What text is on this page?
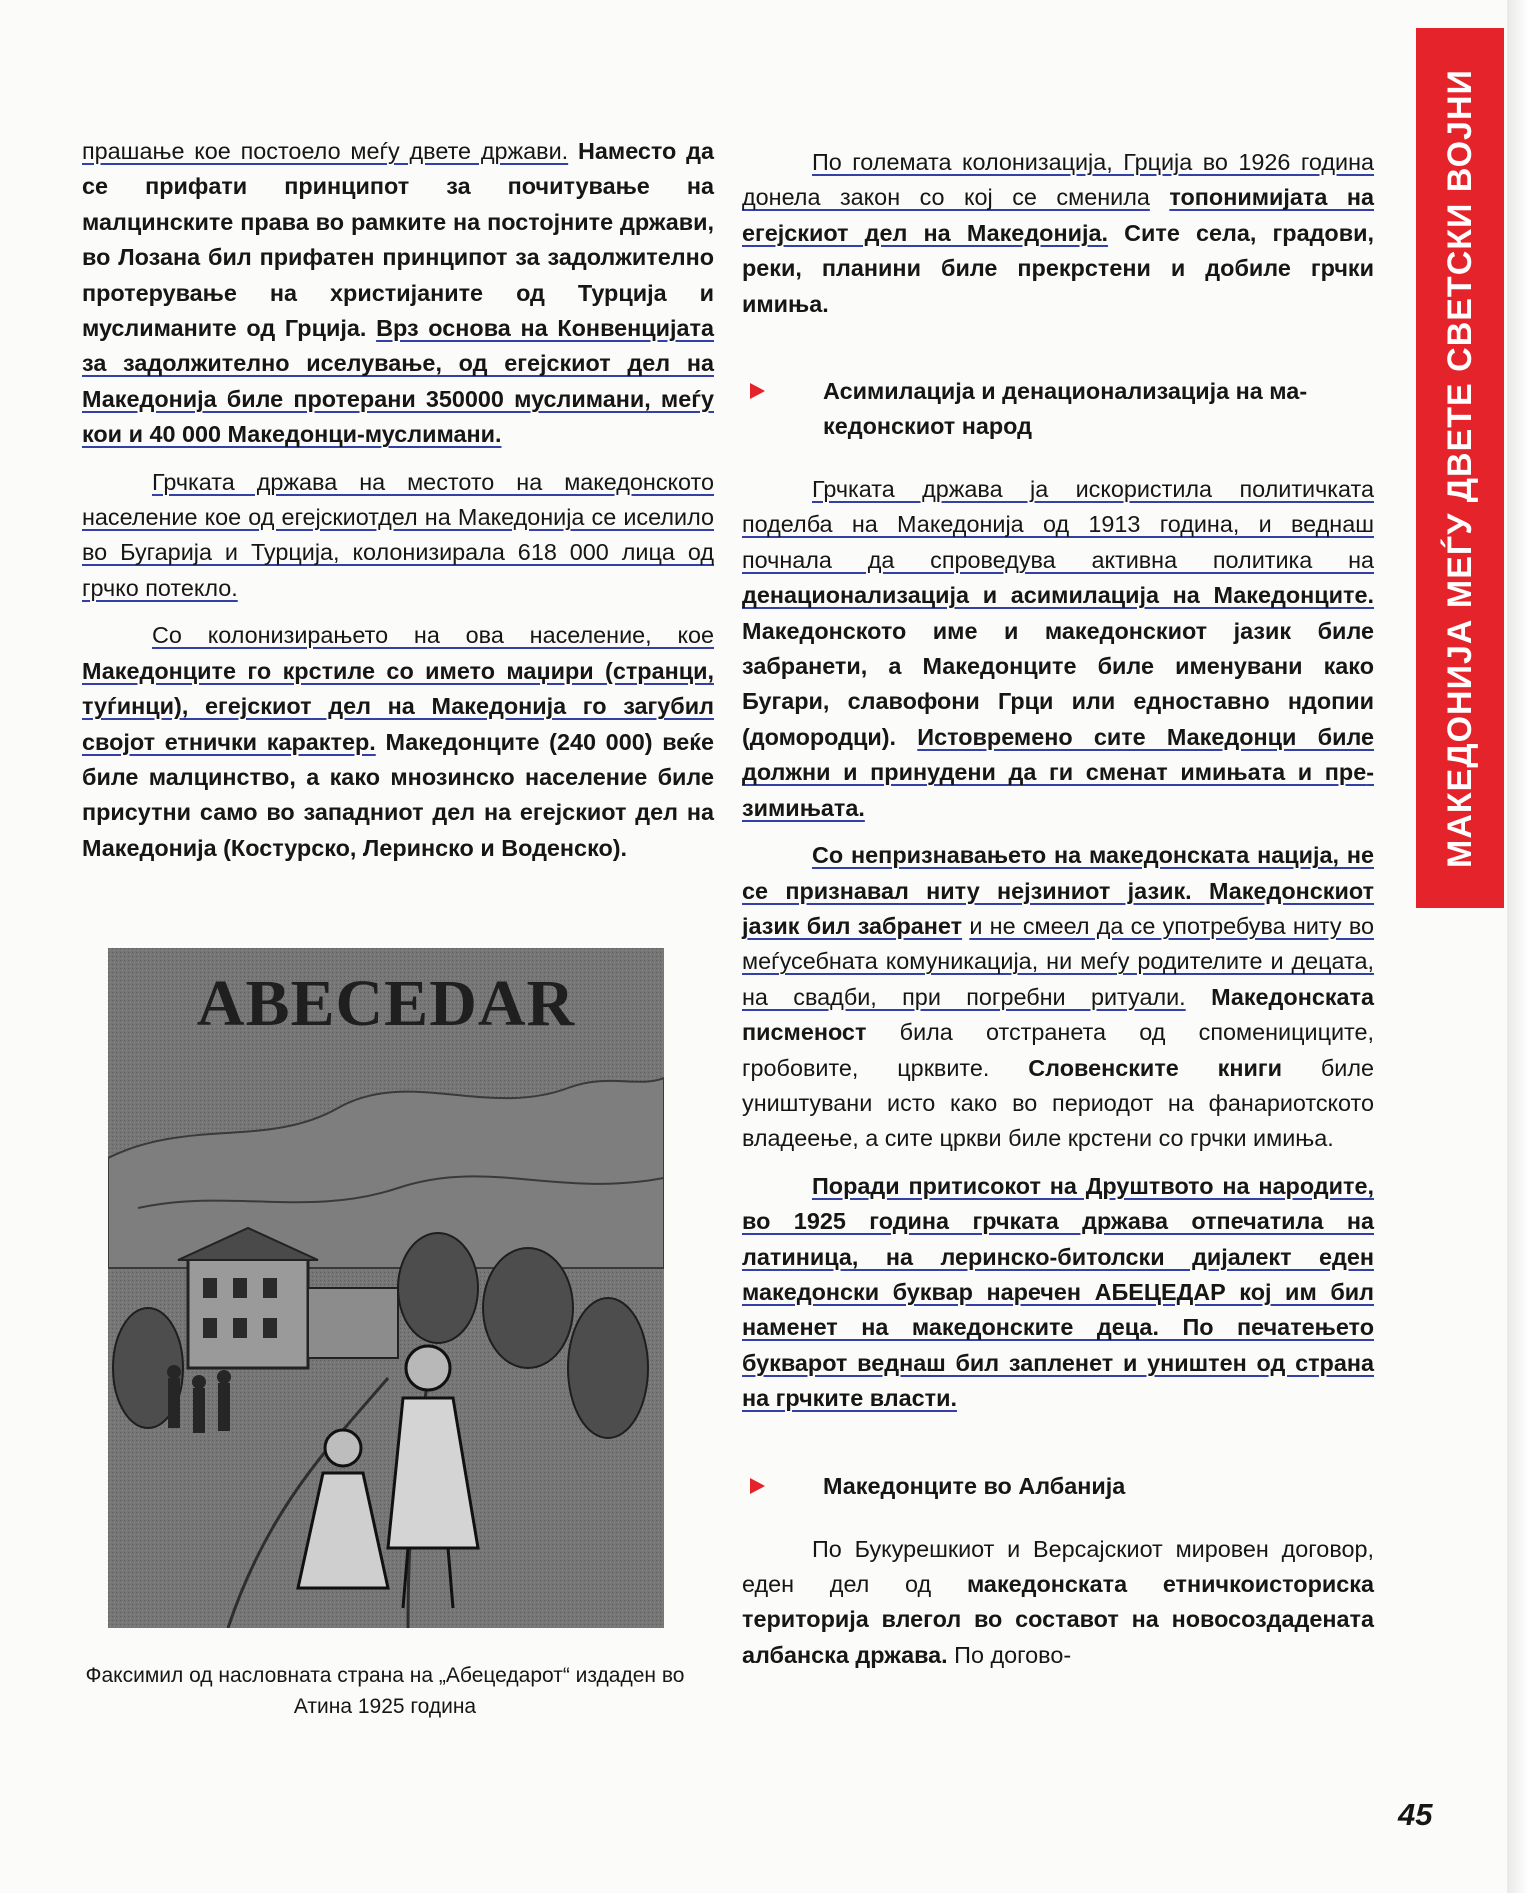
МАКЕДОНИЈА МЕЃУ ДВЕТЕ СВЕТСКИ ВОЈНИ

прашање кое постоело меѓу двете држави. Наместо да се прифати принципот за почитување на малцинските права во рамките на постојните држави, во Лозана бил прифатен принципот за задолжително протерување на христијаните од Турција и муслиманите од Грција. Врз основа на Конвенцијата за задолжително иселување, од егејскиот дел на Македонија биле протерани 350000 муслимани, меѓу кои и 40 000 Македонци-муслимани.

Грчката држава на местото на македонското население кое од егејскиотдел на Македонија се иселило во Бугарија и Турција, колонизирала 618 000 лица од грчко потекло.

Со колонизирањето на ова население, кое Македонците го крстиле со името маџири (странци, туѓинци), егејскиот дел на Македонија го загубил својот етнички карактер. Македонците (240 000) веќе биле малцинство, а како мнозинско население биле присутни само во западниот дел на егејскиот дел на Македонија (Костурско, Леринско и Воденско).

ABECEDAR
Факсимил од насловната страна на „Абецедарот“ издаден во Атина 1925 година

По големата колонизација, Грција во 1926 година донела закон со кој се сменила топонимијата на егејскиот дел на Македонија. Сите села, градови, реки, планини биле прекрстени и добиле грчки имиња.

Асимилација и денационализација на македонскиот народ

Грчката држава ја искористила политичката поделба на Македонија од 1913 година, и веднаш почнала да спроведува активна политика на денационализација и асимилација на Македонците. Македонското име и македонскиот јазик биле забранети, а Македонците биле именувани како Бугари, славофони Грци или едноставно ндопии (домородци). Истовремено сите Македонци биле должни и принудени да ги сменат имињата и презимињата.

Со непризнавањето на македонската нација, не се признавал ниту нејзиниот јазик. Македонскиот јазик бил забранет и не смеел да се употребува ниту во меѓусебната комуникација, ни меѓу родителите и децата, на свадби, при погребни ритуали. Македонската писменост била отстранета од споменициците, гробовите, црквите. Словенските книги биле уништувани исто како во периодот на фанариотското владеење, а сите цркви биле крстени со грчки имиња.

Поради притисокот на Друштвото на народите, во 1925 година грчката држава отпечатила на латиница, на леринско-битолски дијалект еден македонски буквар наречен АБЕЦЕДАР кој им бил наменет на македонските деца. По печатењето букварот веднаш бил запленет и уништен од страна на грчките власти.

Македонците во Албанија

По Букурешкиот и Версајскиот мировен договор, еден дел од македонската етничкоисториска територија влегол во составот на новосоздадената албанска држава. По догово-

45
